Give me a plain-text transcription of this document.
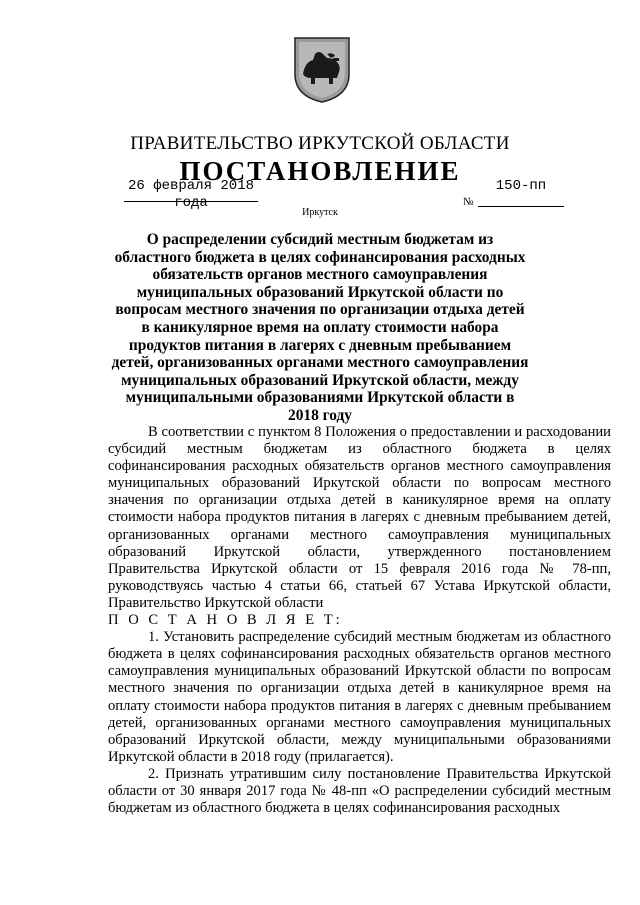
ПРАВИТЕЛЬСТВО ИРКУТСКОЙ ОБЛАСТИ
ПОСТАНОВЛЕНИЕ
26 февраля 2018 года	№
150-пп
Иркутск
О распределении субсидий местным бюджетам из областного бюджета в целях софинансирования расходных обязательств органов местного самоуправления муниципальных образований Иркутской области по вопросам местного значения по организации отдыха детей в каникулярное время на оплату стоимости набора продуктов питания в лагерях с дневным пребыванием детей, организованных органами местного самоуправления муниципальных образований Иркутской области, между муниципальными образованиями Иркутской области в 2018 году

В соответствии с пунктом 8 Положения о предоставлении и расходовании субсидий местным бюджетам из областного бюджета в целях софинансирования расходных обязательств органов местного самоуправления муниципальных образований Иркутской области по вопросам местного значения по организации отдыха детей в каникулярное время на оплату стоимости набора продуктов питания в лагерях с дневным пребыванием детей, организованных органами местного самоуправления муниципальных образований Иркутской области, утвержденного постановлением Правительства Иркутской области от 15 февраля 2016 года № 78-пп, руководствуясь частью 4 статьи 66, статьей 67 Устава Иркутской области, Правительство Иркутской области

П О С Т А Н О В Л Я Е Т:

1. Установить распределение субсидий местным бюджетам из областного бюджета в целях софинансирования расходных обязательств органов местного самоуправления муниципальных образований Иркутской области по вопросам местного значения по организации отдыха детей в каникулярное время на оплату стоимости набора продуктов питания в лагерях с дневным пребыванием детей, организованных органами местного самоуправления муниципальных образований Иркутской области, между муниципальными образованиями Иркутской области в 2018 году (прилагается).

2. Признать утратившим силу постановление Правительства Иркутской области от 30 января 2017 года № 48-пп «О распределении субсидий местным бюджетам из областного бюджета в целях софинансирования расходных
